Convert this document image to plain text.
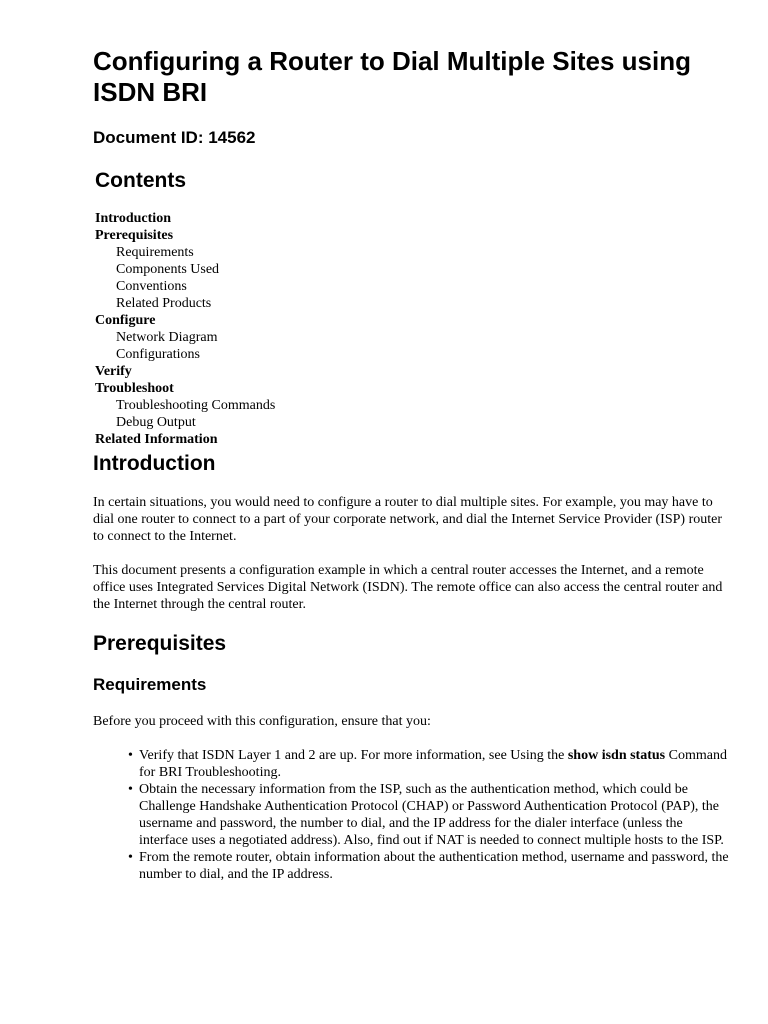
Configuring a Router to Dial Multiple Sites using ISDN BRI
Document ID: 14562
Contents
Introduction
Prerequisites
Requirements
Components Used
Conventions
Related Products
Configure
Network Diagram
Configurations
Verify
Troubleshoot
Troubleshooting Commands
Debug Output
Related Information
Introduction

In certain situations, you would need to configure a router to dial multiple sites. For example, you may have to dial one router to connect to a part of your corporate network, and dial the Internet Service Provider (ISP) router to connect to the Internet.

This document presents a configuration example in which a central router accesses the Internet, and a remote office uses Integrated Services Digital Network (ISDN). The remote office can also access the central router and the Internet through the central router.

Prerequisites
Requirements

Before you proceed with this configuration, ensure that you:

• Verify that ISDN Layer 1 and 2 are up. For more information, see Using the show isdn status Command for BRI Troubleshooting.
• Obtain the necessary information from the ISP, such as the authentication method, which could be Challenge Handshake Authentication Protocol (CHAP) or Password Authentication Protocol (PAP), the username and password, the number to dial, and the IP address for the dialer interface (unless the interface uses a negotiated address). Also, find out if NAT is needed to connect multiple hosts to the ISP.
• From the remote router, obtain information about the authentication method, username and password, the number to dial, and the IP address.
